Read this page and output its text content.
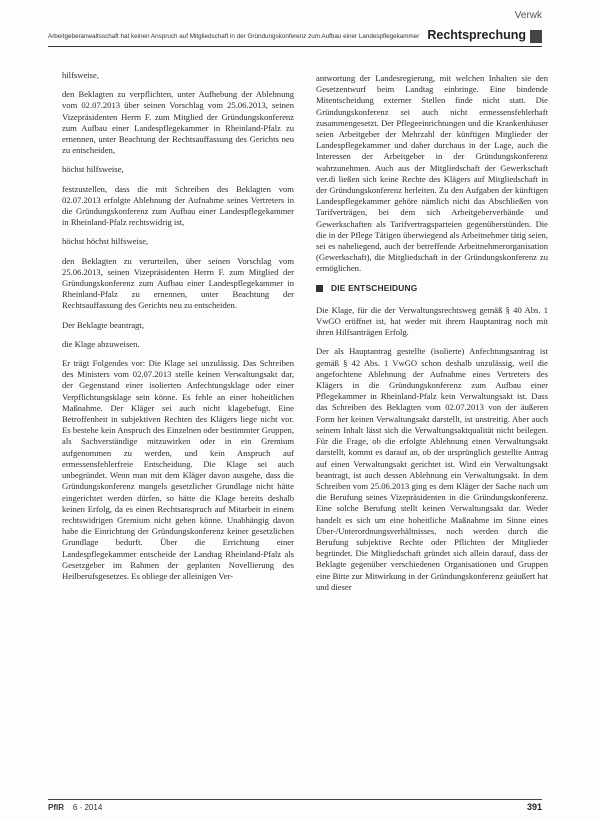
Verwk
Arbeitgeberanwaltsschaft hat keinen Anspruch auf Mitgliedschaft in der Gründungskonferenz zum Aufbau einer Landespflegekammer Rechtsprechung

hilfsweise,

den Beklagten zu verpflichten, unter Aufhebung der Ablehnung vom 02.07.2013 über seinen Vorschlag vom 25.06.2013, seinen Vizepräsidenten Herrn F. zum Mitglied der Gründungskonferenz zum Aufbau einer Landespflegekammer in Rheinland-Pfalz zu ernennen, unter Beachtung der Rechtsauffassung des Gerichts neu zu entscheiden,

höchst hilfsweise,

festzustellen, dass die mit Schreiben des Beklagten vom 02.07.2013 erfolgte Ablehnung der Aufnahme seines Vertreters in die Gründungskonferenz zum Aufbau einer Landespflegekammer in Rheinland-Pfalz rechtswidrig ist,

höchst höchst hilfsweise,

den Beklagten zu verurteilen, über seinen Vorschlag vom 25.06.2013, seinen Vizepräsidenten Herrn F. zum Mitglied der Gründungskonferenz zum Aufbau einer Landespflegekammer in Rheinland-Pfalz zu ernennen, unter Beachtung der Rechtsauffassung des Gerichts neu zu entscheiden.

Der Beklagte beantragt,

die Klage abzuweisen.

Er trägt Folgendes vor: Die Klage sei unzulässig. Das Schreiben des Ministers vom 02.07.2013 stelle keinen Verwaltungsakt dar, der Gegenstand einer isolierten Anfechtungsklage oder einer Verpflichtungsklage sein könne. Es fehle an einer hoheitlichen Maßnahme. Der Kläger sei auch nicht klagebefugt. Eine Betroffenheit in subjektiven Rechten des Klägers liege nicht vor. Es bestehe kein Anspruch des Einzelnen oder bestimmter Gruppen, als Sachverständige mitzuwirken oder in ein Gremium aufgenommen zu werden, und kein Anspruch auf ermessensfehlerfreie Entscheidung. Die Klage sei auch unbegründet. Wenn man mit dem Kläger davon ausgehe, dass die Gründungskonferenz mangels gesetzlicher Grundlage nicht hätte eingerichtet werden dürfen, so hätte die Klage bereits deshalb keinen Erfolg, da es einen Rechtsanspruch auf Mitarbeit in einem rechtswidrigen Gremium nicht geben könne. Unabhängig davon habe die Einrichtung der Gründungskonferenz keiner gesetzlichen Grundlage bedurft. Über die Errichtung einer Landespflegekammer entscheide der Landtag Rheinland-Pfalz als Gesetzgeber im Rahmen der geplanten Novellierung des Heilberufsgesetzes. Es obliege der alleinigen Ver-

antwortung der Landesregierung, mit welchen Inhalten sie den Gesetzentwurf beim Landtag einbringe. Eine bindende Mitentscheidung externer Stellen finde nicht statt. Die Gründungskonferenz sei auch nicht ermessensfehlerhaft zusammengesetzt. Der Pflegeeinrichtungen und die Krankenhäuser seien Arbeitgeber der Mehrzahl der künftigen Mitglieder der Landespflegekammer und daher durchaus in der Lage, auch die Interessen der Arbeitgeber in der Gründungskonferenz wahrzunehmen. Auch aus der Mitgliedschaft der Gewerkschaft ver.di ließen sich keine Rechte des Klägers auf Mitgliedschaft in der Gründungskonferenz herleiten. Zu den Aufgaben der künftigen Landespflegekammer gehöre nämlich nicht das Abschließen von Tarifverträgen, bei dem sich Arbeitgeberverbände und Gewerkschaften als Tarifvertragsparteien gegenüberstünden. Die die in der Pflege Tätigen überwiegend als Arbeitnehmer tätig seien, sei es naheliegend, auch der betreffende Arbeitnehmerorganisation (Gewerkschaft), die Mitgliedschaft in der Gründungskonferenz zu ermöglichen.

DIE ENTSCHEIDUNG

Die Klage, für die der Verwaltungsrechtsweg gemäß § 40 Abs. 1 VwGO eröffnet ist, hat weder mit ihrem Hauptantrag noch mit ihren Hilfsanträgen Erfolg.

Der als Hauptantrag gestellte (isolierte) Anfechtungsantrag ist gemäß § 42 Abs. 1 VwGO schon deshalb unzulässig, weil die angefochtene Ablehnung der Aufnahme eines Vertreters des Klägers in die Gründungskonferenz zum Aufbau einer Pflegekammer in Rheinland-Pfalz kein Verwaltungsakt ist. Dass das Schreiben des Beklagten vom 02.07.2013 von der äußeren Form her keinen Verwaltungsakt darstellt, ist unstreitig. Aber auch seinem Inhalt lässt sich die Verwaltungsaktqualität nicht beilegen. Für die Frage, ob die erfolgte Ablehnung einen Verwaltungsakt darstellt, kommt es darauf an, ob der ursprünglich gestellte Antrag auf einen Verwaltungsakt gerichtet ist. Wird ein Verwaltungsakt beantragt, ist auch dessen Ablehnung ein Verwaltungsakt. In dem Schreiben vom 25.06.2013 ging es dem Kläger der Sache nach um die Berufung seines Vizepräsidenten in die Gründungskonferenz. Eine solche Berufung stellt keinen Verwaltungsakt dar. Weder handelt es sich um eine hoheitliche Maßnahme im Sinne eines Über-/Unterordnungsverhältnisses, noch werden durch die Berufung subjektive Rechte oder Pflichten der Mitglieder begründet. Die Mitgliedschaft gründet sich allein darauf, dass der Beklagte gegenüber verschiedenen Organisationen und Gruppen eine Bitte zur Mitwirkung in der Gründungskonferenz geäußert hat und dieser

PflR 6 · 2014	391
